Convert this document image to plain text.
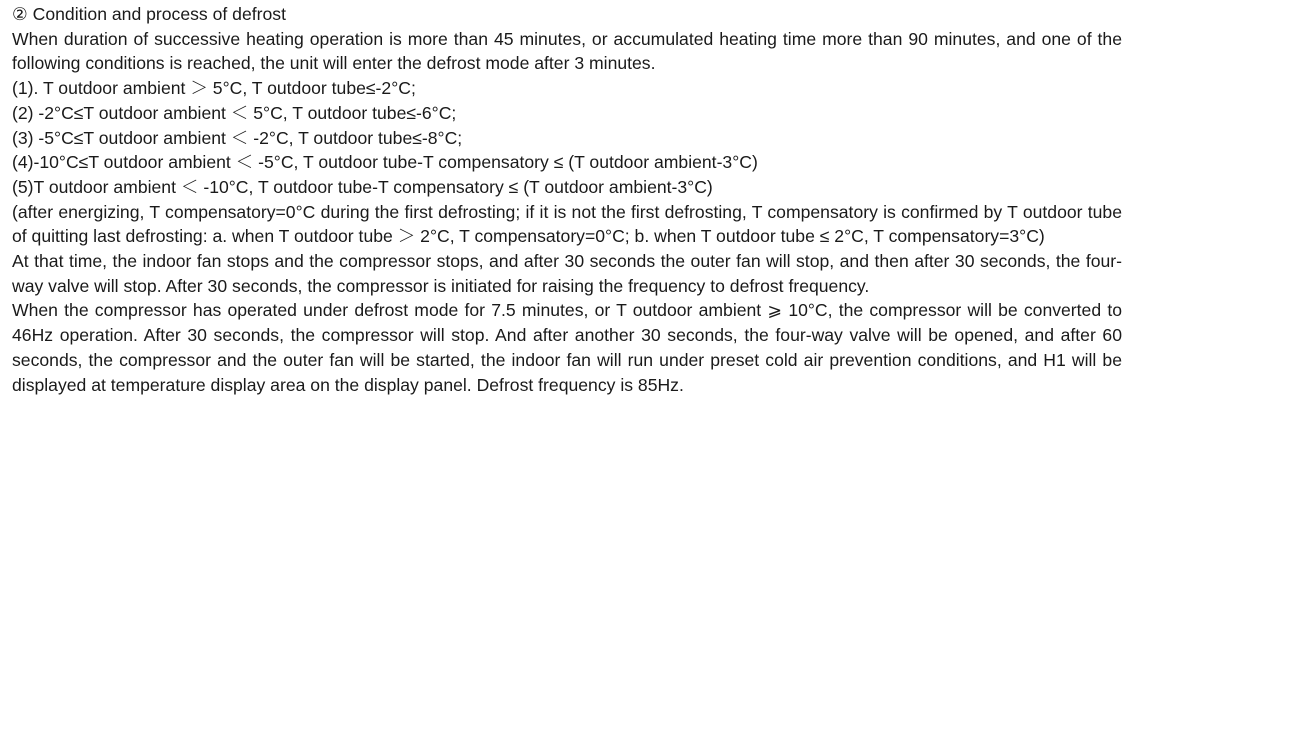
② Condition and process of defrost
When duration of successive heating operation is more than 45 minutes, or accumulated heating time more than 90 minutes, and one of the following conditions is reached, the unit will enter the defrost mode after 3 minutes.
(1). T outdoor ambient ＞ 5°C, T outdoor tube≤-2°C;
(2) -2°C≤T outdoor ambient ＜ 5°C, T outdoor tube≤-6°C;
(3) -5°C≤T outdoor ambient ＜ -2°C, T outdoor tube≤-8°C;
(4)-10°C≤T outdoor ambient ＜ -5°C, T outdoor tube-T compensatory ≤ (T outdoor ambient-3°C)
(5)T outdoor ambient ＜ -10°C, T outdoor tube-T compensatory ≤ (T outdoor ambient-3°C)
(after energizing, T compensatory=0°C during the first defrosting; if it is not the first defrosting, T compensatory is confirmed by T outdoor tube of quitting last defrosting: a. when T outdoor tube ＞ 2°C, T compensatory=0°C; b. when T outdoor tube ≤ 2°C, T compensatory=3°C)
At that time, the indoor fan stops and the compressor stops, and after 30 seconds the outer fan will stop, and then after 30 seconds, the four-way valve will stop. After 30 seconds, the compressor is initiated for raising the frequency to defrost frequency.
When the compressor has operated under defrost mode for 7.5 minutes, or T outdoor ambient ⩾ 10°C, the compressor will be converted to 46Hz operation. After 30 seconds, the compressor will stop. And after another 30 seconds, the four-way valve will be opened, and after 60 seconds, the compressor and the outer fan will be started, the indoor fan will run under preset cold air prevention conditions, and H1 will be displayed at temperature display area on the display panel. Defrost frequency is 85Hz.
